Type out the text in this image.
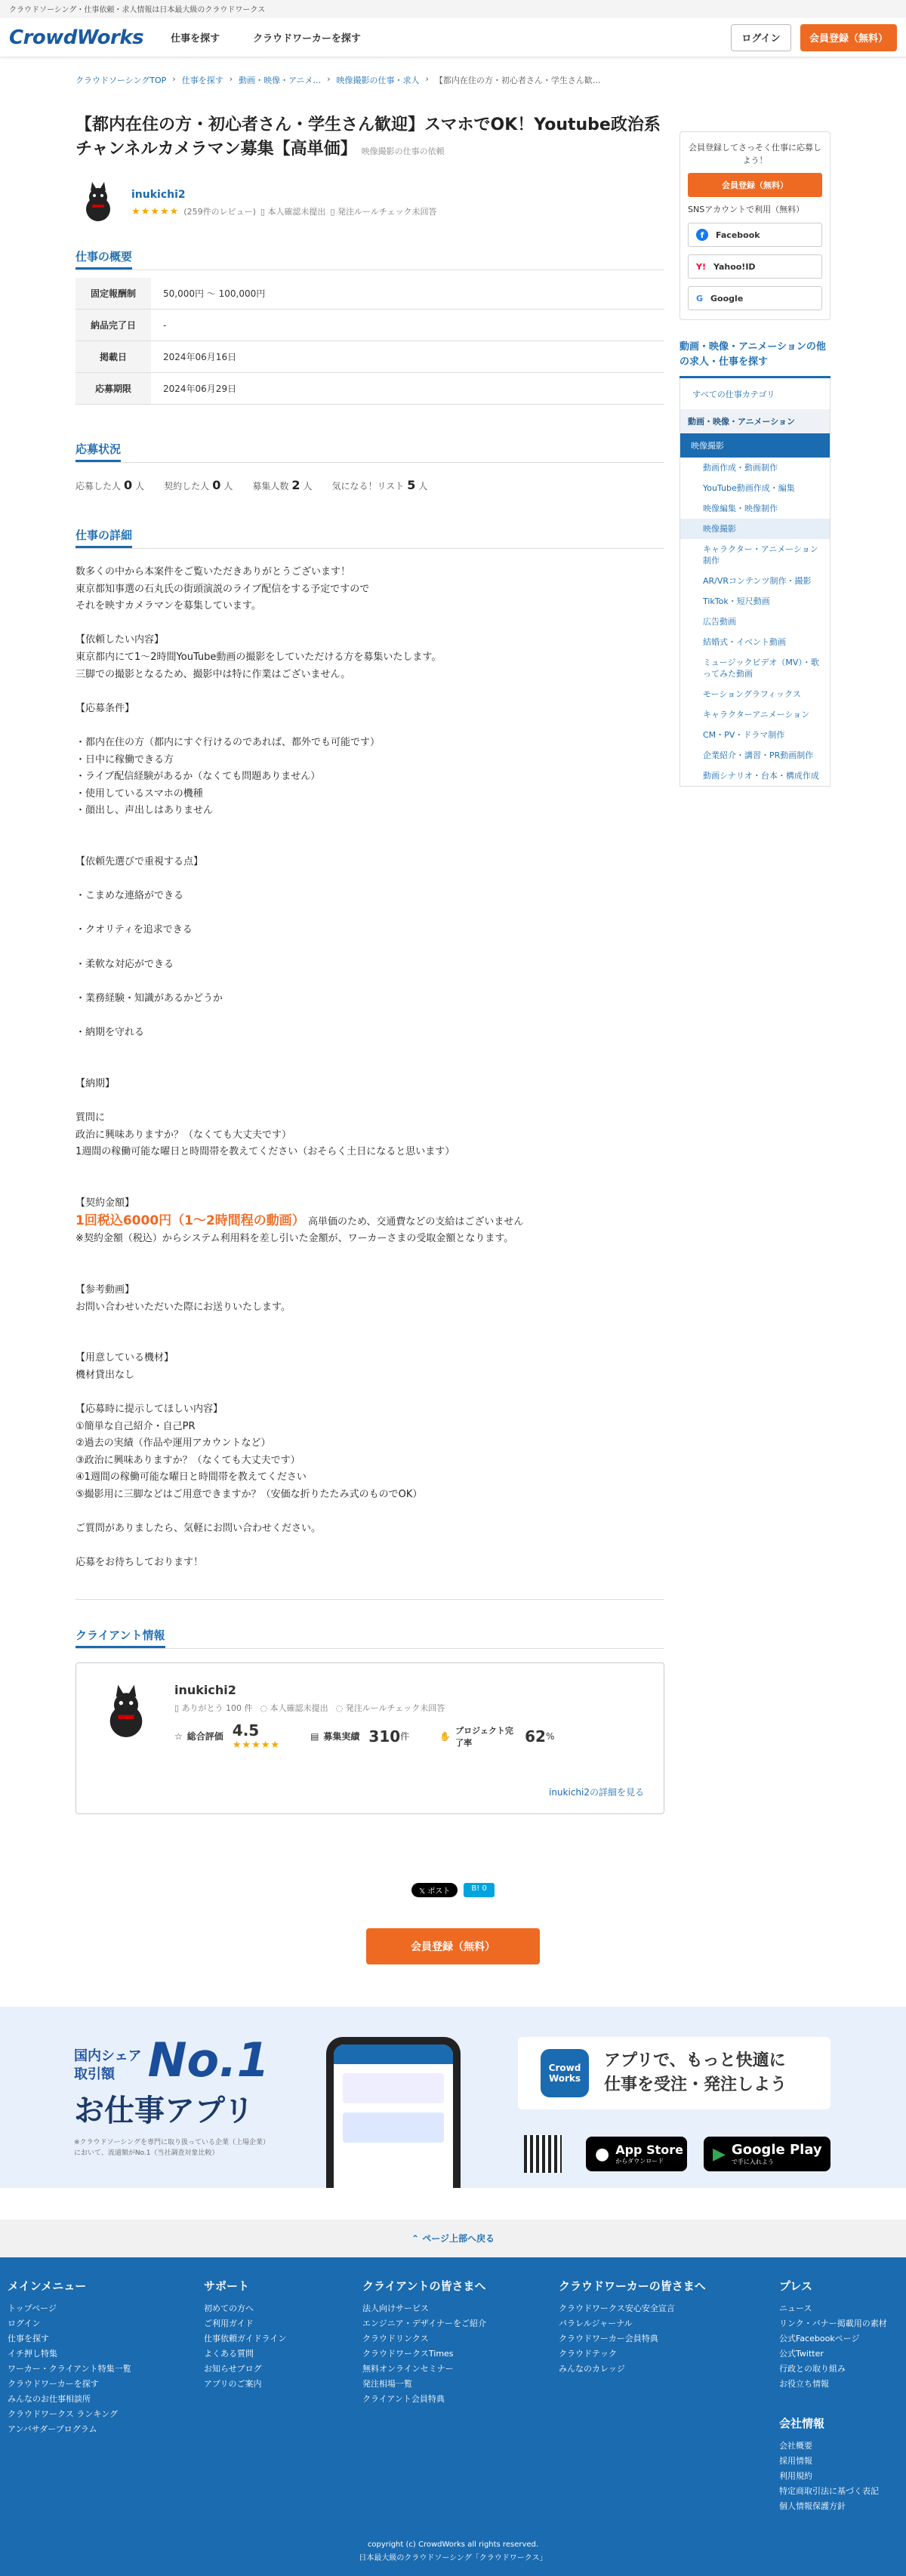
クラウドソーシング・仕事依頼・求人情報は日本最大級のクラウドワークス
CrowdWorks	仕事を探す	クラウドワーカーを探す	ログイン	会員登録（無料）
クラウドソーシングTOP › 仕事を探す › 動画・映像・アニメ... › 映像撮影の仕事・求人 › 【都内在住の方・初心者さん・学生さん歓...
【都内在住の方・初心者さん・学生さん歓迎】スマホでOK！Youtube政治系チャンネルカメラマン募集【高単価】 映像撮影の仕事の依頼
inukichi2
★★★★★ (259件のレビュー) ▯ 本人確認未提出 ▯ 発注ルールチェック未回答
仕事の概要
固定報酬制	50,000円 〜 100,000円
納品完了日	-
掲載日	2024年06月16日
応募期限	2024年06月29日
応募状況
応募した人 0 人 契約した人 0 人 募集人数 2 人 気になる！リスト 5 人
仕事の詳細
数多くの中から本案件をご覧いただきありがとうございます！
東京都知事選の石丸氏の街頭演説のライブ配信をする予定ですので
それを映すカメラマンを募集しています。

【依頼したい内容】
東京都内にて1〜2時間YouTube動画の撮影をしていただける方を募集いたします。
三脚での撮影となるため、撮影中は特に作業はございません。

【応募条件】

・都内在住の方（都内にすぐ行けるのであれば、都外でも可能です）
・日中に稼働できる方
・ライブ配信経験があるか（なくても問題ありません）
・使用しているスマホの機種
・顔出し、声出しはありません

【依頼先選びで重視する点】

・こまめな連絡ができる

・クオリティを追求できる

・柔軟な対応ができる

・業務経験・知識があるかどうか

・納期を守れる

【納期】

質問に
政治に興味ありますか？（なくても大丈夫です）
1週間の稼働可能な曜日と時間帯を教えてください（おそらく土日になると思います）

【契約金額】
1回税込6000円（1〜2時間程の動画） 高単価のため、交通費などの支給はございません
※契約金額（税込）からシステム利用料を差し引いた金額が、ワーカーさまの受取金額となります。

【参考動画】
お問い合わせいただいた際にお送りいたします。

【用意している機材】
機材貸出なし

【応募時に提示してほしい内容】
①簡単な自己紹介・自己PR
②過去の実績（作品や運用アカウントなど）
③政治に興味ありますか？（なくても大丈夫です）
④1週間の稼働可能な曜日と時間帯を教えてください
⑤撮影用に三脚などはご用意できますか？（安価な折りたたみ式のものでOK）

ご質問がありましたら、気軽にお問い合わせください。

応募をお待ちしております！
クライアント情報
inukichi2
▯ ありがとう 100 件 ◌ 本人確認未提出 ◌ 発注ルールチェック未回答
☆ 総合評価 4.5
★★★★★
▤ 募集実績 310 件	✋
プロジェクト完了率	62 %
inukichi2の詳細を見る
会員登録してさっそく仕事に応募しよう！
会員登録（無料）
SNSアカウントで利用（無料）
f	Facebook
Y! Yahoo!ID
G Google
動画・映像・アニメーションの他の求人・仕事を探す
すべての仕事カテゴリ
動画・映像・アニメーション
映像撮影
動画作成・動画制作
YouTube動画作成・編集
映像編集・映像制作
映像撮影
キャラクター・アニメーション制作
AR/VRコンテンツ制作・撮影
TikTok・短尺動画
広告動画
結婚式・イベント動画
ミュージックビデオ（MV）・歌ってみた動画
モーショングラフィックス
キャラクターアニメーション
CM・PV・ドラマ制作
企業紹介・講習・PR動画制作
動画シナリオ・台本・構成作成
𝕏 ポスト	B! 0
会員登録（無料）
国内シェア
取引額 No.1
お仕事アプリ
※クラウドソーシングを専門に取り扱っている企業（上場企業）において、流通額がNo.1（当社調査対象比較）
Crowd
Works
アプリで、もっと快適に
仕事を受注・発注しよう
● App Store
からダウンロード	▶ Google Play
で手に入れよう
⌃ ページ上部へ戻る
メインメニュー
トップページ
ログイン
仕事を探す
イチ押し特集
ワーカー・クライアント特集一覧
クラウドワーカーを探す
みんなのお仕事相談所
クラウドワークス ランキング
アンバサダープログラム
サポート
初めての方へ
ご利用ガイド
仕事依頼ガイドライン
よくある質問
お知らせブログ
アプリのご案内
クライアントの皆さまへ
法人向けサービス
エンジニア・デザイナーをご紹介
クラウドリンクス
クラウドワークスTimes
無料オンラインセミナー
発注相場一覧
クライアント会員特典
クラウドワーカーの皆さまへ
クラウドワークス安心安全宣言
パラレルジャーナル
クラウドワーカー会員特典
クラウドテック
みんなのカレッジ
プレス
ニュース
リンク・バナー掲載用の素材
公式Facebookページ
公式Twitter
行政との取り組み
お役立ち情報
会社情報
会社概要
採用情報
利用規約
特定商取引法に基づく表記
個人情報保護方針
copyright (c) CrowdWorks all rights reserved.
日本最大級のクラウドソーシング「クラウドワークス」
